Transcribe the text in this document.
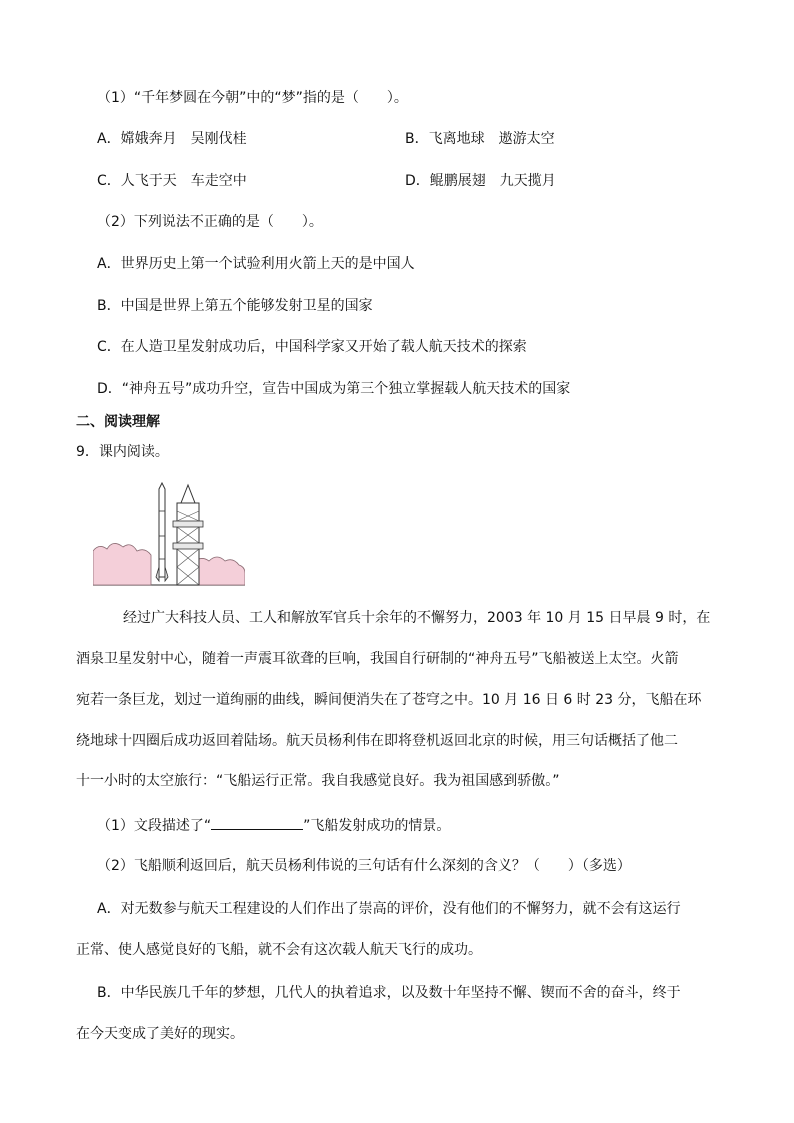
（1）“千年梦圆在今朝”中的“梦”指的是（　　）。
A．嫦娥奔月　吴刚伐桂	B．飞离地球　遨游太空
C．人飞于天　车走空中	D．鲲鹏展翅　九天揽月
（2）下列说法不正确的是（　　）。
A．世界历史上第一个试验利用火箭上天的是中国人
B．中国是世界上第五个能够发射卫星的国家
C．在人造卫星发射成功后，中国科学家又开始了载人航天技术的探索
D．“神舟五号”成功升空，宣告中国成为第三个独立掌握载人航天技术的国家
二、阅读理解
9．课内阅读。
经过广大科技人员、工人和解放军官兵十余年的不懈努力，2003 年 10 月 15 日早晨 9 时，在
酒泉卫星发射中心，随着一声震耳欲聋的巨响，我国自行研制的“神舟五号”飞船被送上太空。火箭
宛若一条巨龙，划过一道绚丽的曲线，瞬间便消失在了苍穹之中。10 月 16 日 6 时 23 分，飞船在环
绕地球十四圈后成功返回着陆场。航天员杨利伟在即将登机返回北京的时候，用三句话概括了他二
十一小时的太空旅行：“飞船运行正常。我自我感觉良好。我为祖国感到骄傲。”
（1）文段描述了“	”飞船发射成功的情景。
（2）飞船顺利返回后，航天员杨利伟说的三句话有什么深刻的含义？（　　）（多选）
A．对无数参与航天工程建设的人们作出了崇高的评价，没有他们的不懈努力，就不会有这运行
正常、使人感觉良好的飞船，就不会有这次载人航天飞行的成功。
B．中华民族几千年的梦想，几代人的执着追求，以及数十年坚持不懈、锲而不舍的奋斗，终于
在今天变成了美好的现实。
